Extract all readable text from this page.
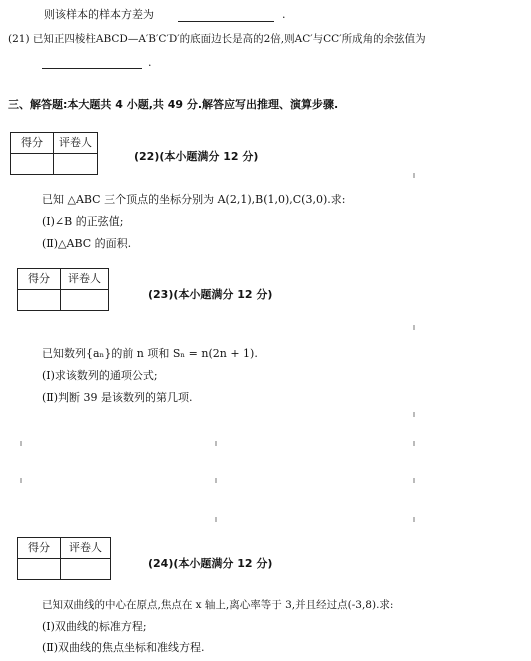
则该样本的样本方差为	.
(21) 已知正四棱柱ABCD—A′B′C′D′的底面边长是高的2倍,则AC′与CC′所成角的余弦值为
.
三、解答题:本大题共 4 小题,共 49 分.解答应写出推理、演算步骤.
得分	评卷人

(22)(本小题满分 12 分)
已知 △ABC 三个顶点的坐标分别为 A(2,1),B(1,0),C(3,0).求:
(Ⅰ)∠B 的正弦值;
(Ⅱ)△ABC 的面积.
得分	评卷人

(23)(本小题满分 12 分)
已知数列{aₙ}的前 n 项和 Sₙ = n(2n + 1).
(Ⅰ)求该数列的通项公式;
(Ⅱ)判断 39 是该数列的第几项.
得分	评卷人

(24)(本小题满分 12 分)
已知双曲线的中心在原点,焦点在 x 轴上,离心率等于 3,并且经过点(-3,8).求:
(Ⅰ)双曲线的标准方程;
(Ⅱ)双曲线的焦点坐标和准线方程.
